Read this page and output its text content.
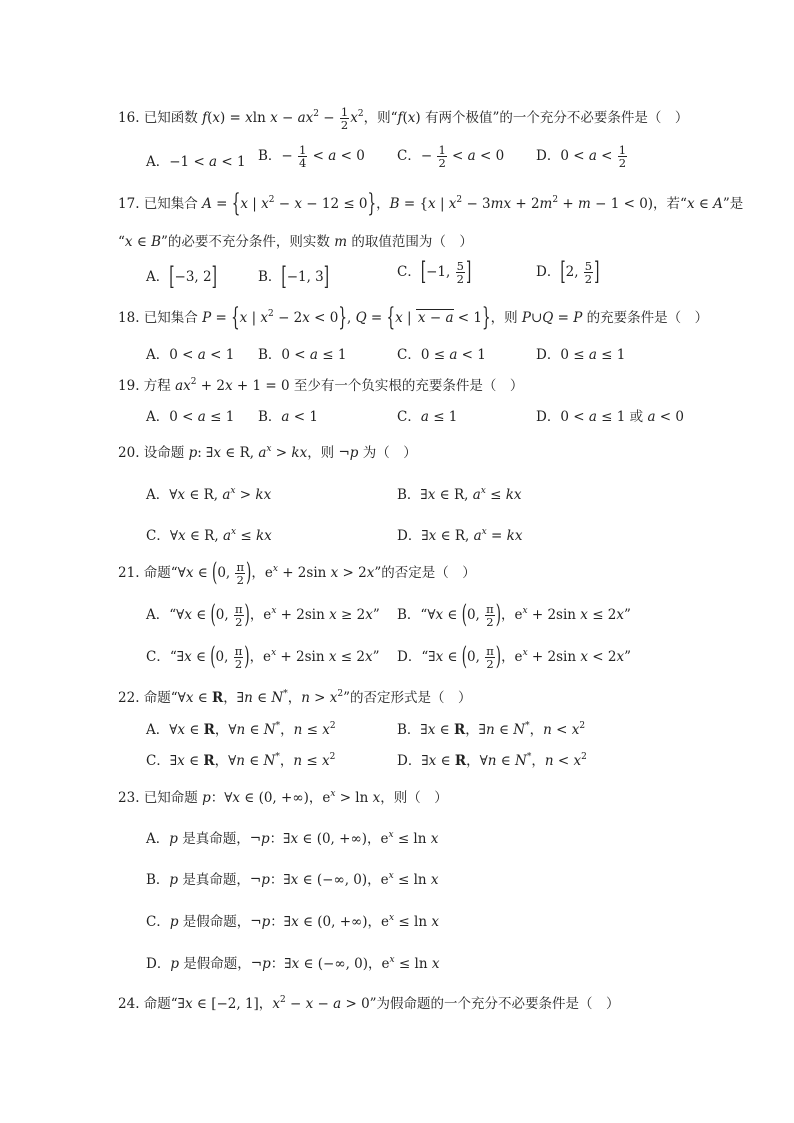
16. 已知函数 f(x) = xln $x - ax^2 - \frac{1}{2} x^2$，则“f(x) 有两个极值”的一个充分不必要条件是（　）
A．−1 < a < 1 B．− $\frac{1}{4} < a < 0$ C．− $\frac{1}{2} < a < 0$ D．$0 < a < \frac{1}{2}$
17. 已知集合 A = {x | $x^2 - x - 12 \le 0$}，B = {x | $x^2 - 3mx + 2m^2 + m - 1 < 0$)，若“x ∈ A”是
“x ∈ B”的必要不充分条件，则实数 m 的取值范围为（　）
A．[−3, 2]	B．[−1, 3]	C．[−1, $\frac{5}{2}$ ]	D．[2, $\frac{5}{2}$ ]
18. 已知集合 P = {x | $x^2 - 2x < 0$}, Q = {x | x − a < 1}，则 P∪Q = P 的充要条件是（　）
A．0 < a < 1 B．0 < a ≤ 1	C．0 ≤ a < 1	D．0 ≤ a ≤ 1
19. 方程 $ax^2 + 2x + 1 = 0$ 至少有一个负实根的充要条件是（　）
A．0 < a ≤ 1 B．a < 1	C．a ≤ 1	D．0 < a ≤ 1 或 a < 0
20. 设命题 p: ∃x ∈ R, $a^x$ > kx，则 ¬p 为（　）
A．∀x ∈ R, $a^x$ > kx	B．∃x ∈ R, $a^x$ ≤ kx
C．∀x ∈ R, $a^x$ ≤ kx	D．∃x ∈ R, $a^x$ = kx
21. 命题“∀x ∈ (0, $\frac{\pi}{2}$ )，$e^x + 2\sin$ x > 2x”的否定是（　）
A．“∀x ∈ (0, $\frac{\pi}{2}$ )，$e^x + 2\sin$ x ≥ 2x” B．“∀x ∈ (0, $\frac{\pi}{2}$ )，$e^x + 2\sin$ x ≤ 2x”
C．“∃x ∈ (0, $\frac{\pi}{2}$ )，$e^x + 2\sin$ x ≤ 2x” D．“∃x ∈ (0, $\frac{\pi}{2}$ )，$e^x + 2\sin$ x < 2x”
22. 命题“∀x ∈ R，∃n ∈ N*，$n > x^2$”的否定形式是（　）
A．∀x ∈ R，∀n ∈ N*，$n \le x^2$	B．∃x ∈ R，∃n ∈ N*，$n < x^2$
C．∃x ∈ R，∀n ∈ N*，$n \le x^2$	D．∃x ∈ R，∀n ∈ N*，$n < x^2$
23. 已知命题 p：∀x ∈ (0, +∞)，$e^x > \ln x$，则（　）
A．p 是真命题，¬p：∃x ∈ (0, +∞)，$e^x \le \ln x$
B．p 是真命题，¬p：∃x ∈ (−∞, 0)，$e^x \le \ln x$
C．p 是假命题，¬p：∃x ∈ (0, +∞)，$e^x \le \ln x$
D．p 是假命题，¬p：∃x ∈ (−∞, 0)，$e^x \le \ln x$
24. 命题“∃x ∈ [−2, 1]，$x^2 - x - a > 0$”为假命题的一个充分不必要条件是（　）
